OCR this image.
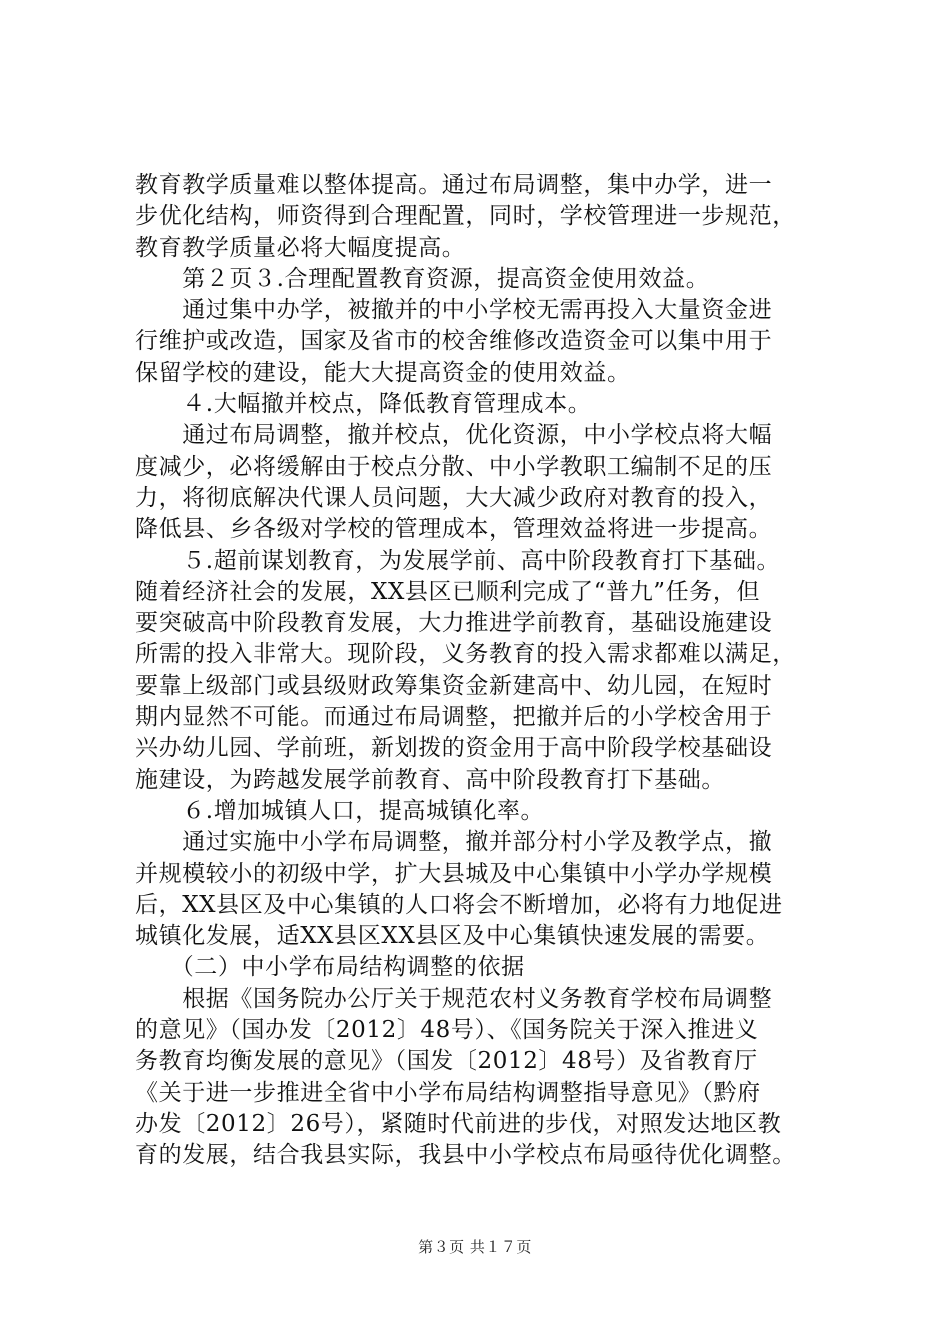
教育教学质量难以整体提高。通过布局调整，集中办学，进一
步优化结构，师资得到合理配置，同时，学校管理进一步规范，
教育教学质量必将大幅度提高。
　　第２页３.合理配置教育资源，提高资金使用效益。
　　通过集中办学，被撤并的中小学校无需再投入大量资金进
行维护或改造，国家及省市的校舍维修改造资金可以集中用于
保留学校的建设，能大大提高资金的使用效益。
　　４.大幅撤并校点，降低教育管理成本。
　　通过布局调整，撤并校点，优化资源，中小学校点将大幅
度减少，必将缓解由于校点分散、中小学教职工编制不足的压
力，将彻底解决代课人员问题，大大减少政府对教育的投入，
降低县、乡各级对学校的管理成本，管理效益将进一步提高。
　　５.超前谋划教育，为发展学前、高中阶段教育打下基础。
随着经济社会的发展，XX县区已顺利完成了“普九”任务，但
要突破高中阶段教育发展，大力推进学前教育，基础设施建设
所需的投入非常大。现阶段，义务教育的投入需求都难以满足，
要靠上级部门或县级财政筹集资金新建高中、幼儿园，在短时
期内显然不可能。而通过布局调整，把撤并后的小学校舍用于
兴办幼儿园、学前班，新划拨的资金用于高中阶段学校基础设
施建设，为跨越发展学前教育、高中阶段教育打下基础。
　　６.增加城镇人口，提高城镇化率。
　　通过实施中小学布局调整，撤并部分村小学及教学点，撤
并规模较小的初级中学，扩大县城及中心集镇中小学办学规模
后，XX县区及中心集镇的人口将会不断增加，必将有力地促进
城镇化发展，适XX县区XX县区及中心集镇快速发展的需要。
　　（二）中小学布局结构调整的依据
　　根据《国务院办公厅关于规范农村义务教育学校布局调整
的意见》（国办发〔2012〕48号）、《国务院关于深入推进义
务教育均衡发展的意见》（国发〔2012〕48号）及省教育厅
《关于进一步推进全省中小学布局结构调整指导意见》（黔府
办发〔2012〕26号），紧随时代前进的步伐，对照发达地区教
育的发展，结合我县实际，我县中小学校点布局亟待优化调整。
第３页 共１７页
